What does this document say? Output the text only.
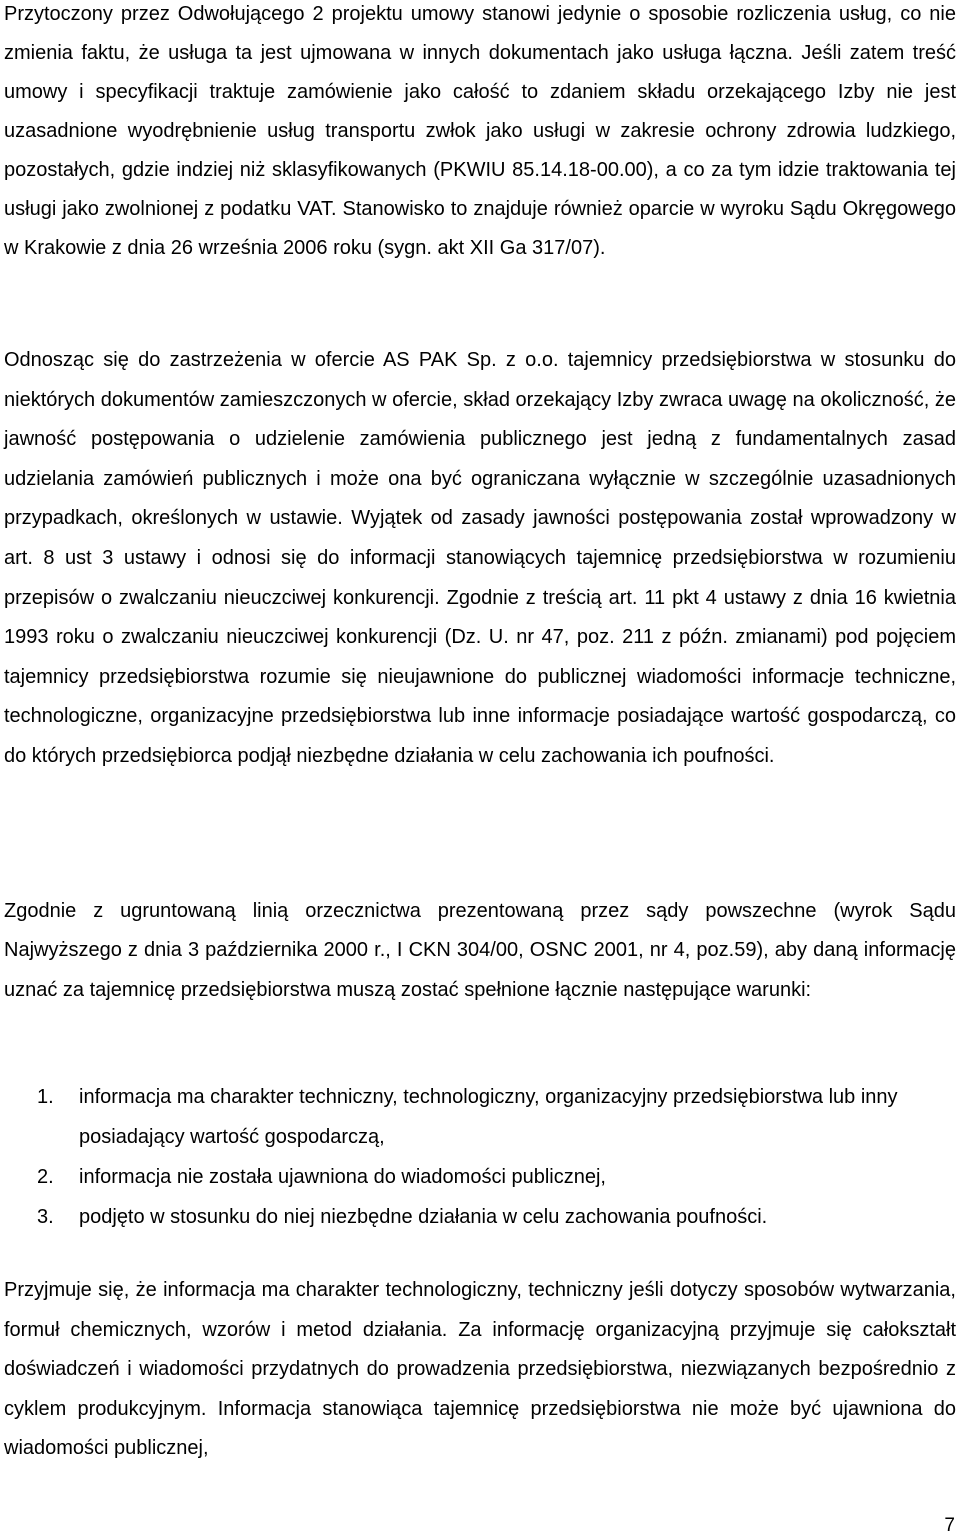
Przytoczony przez Odwołującego 2 projektu umowy stanowi jedynie o sposobie rozliczenia usług, co nie zmienia faktu, że usługa ta jest ujmowana w innych dokumentach jako usługa łączna. Jeśli zatem treść umowy i specyfikacji traktuje zamówienie jako całość to zdaniem składu orzekającego Izby nie jest uzasadnione wyodrębnienie usług transportu zwłok jako usługi w zakresie ochrony zdrowia ludzkiego, pozostałych, gdzie indziej niż sklasyfikowanych (PKWIU 85.14.18-00.00), a co za tym idzie traktowania tej usługi jako zwolnionej z podatku VAT. Stanowisko to znajduje również oparcie w wyroku Sądu Okręgowego w Krakowie z dnia 26 września 2006 roku (sygn. akt XII Ga 317/07).

Odnosząc się do zastrzeżenia w ofercie AS PAK Sp. z o.o. tajemnicy przedsiębiorstwa w stosunku do niektórych dokumentów zamieszczonych w ofercie, skład orzekający Izby zwraca uwagę na okoliczność, że jawność postępowania o udzielenie zamówienia publicznego jest jedną z fundamentalnych zasad udzielania zamówień publicznych i może ona być ograniczana wyłącznie w szczególnie uzasadnionych przypadkach, określonych w ustawie. Wyjątek od zasady jawności postępowania został wprowadzony w art. 8 ust 3 ustawy i odnosi się do informacji stanowiących tajemnicę przedsiębiorstwa w rozumieniu przepisów o zwalczaniu nieuczciwej konkurencji. Zgodnie z treścią art. 11 pkt 4 ustawy z dnia 16 kwietnia 1993 roku o zwalczaniu nieuczciwej konkurencji (Dz. U. nr 47, poz. 211 z późn. zmianami) pod pojęciem tajemnicy przedsiębiorstwa rozumie się nieujawnione do publicznej wiadomości informacje techniczne, technologiczne, organizacyjne przedsiębiorstwa lub inne informacje posiadające wartość gospodarczą, co do których przedsiębiorca podjął niezbędne działania w celu zachowania ich poufności.

Zgodnie z ugruntowaną linią orzecznictwa prezentowaną przez sądy powszechne (wyrok Sądu Najwyższego z dnia 3 października 2000 r., I CKN 304/00, OSNC 2001, nr 4, poz.59), aby daną informację uznać za tajemnicę przedsiębiorstwa muszą zostać spełnione łącznie następujące warunki:

1. informacja ma charakter techniczny, technologiczny, organizacyjny przedsiębiorstwa lub inny posiadający wartość gospodarczą,
2. informacja nie została ujawniona do wiadomości publicznej,
3. podjęto w stosunku do niej niezbędne działania w celu zachowania poufności.

Przyjmuje się, że informacja ma charakter technologiczny, techniczny jeśli dotyczy sposobów wytwarzania, formuł chemicznych, wzorów i metod działania. Za informację organizacyjną przyjmuje się całokształt doświadczeń i wiadomości przydatnych do prowadzenia przedsiębiorstwa, niezwiązanych bezpośrednio z cyklem produkcyjnym. Informacja stanowiąca tajemnicę przedsiębiorstwa nie może być ujawniona do wiadomości publicznej,

7
